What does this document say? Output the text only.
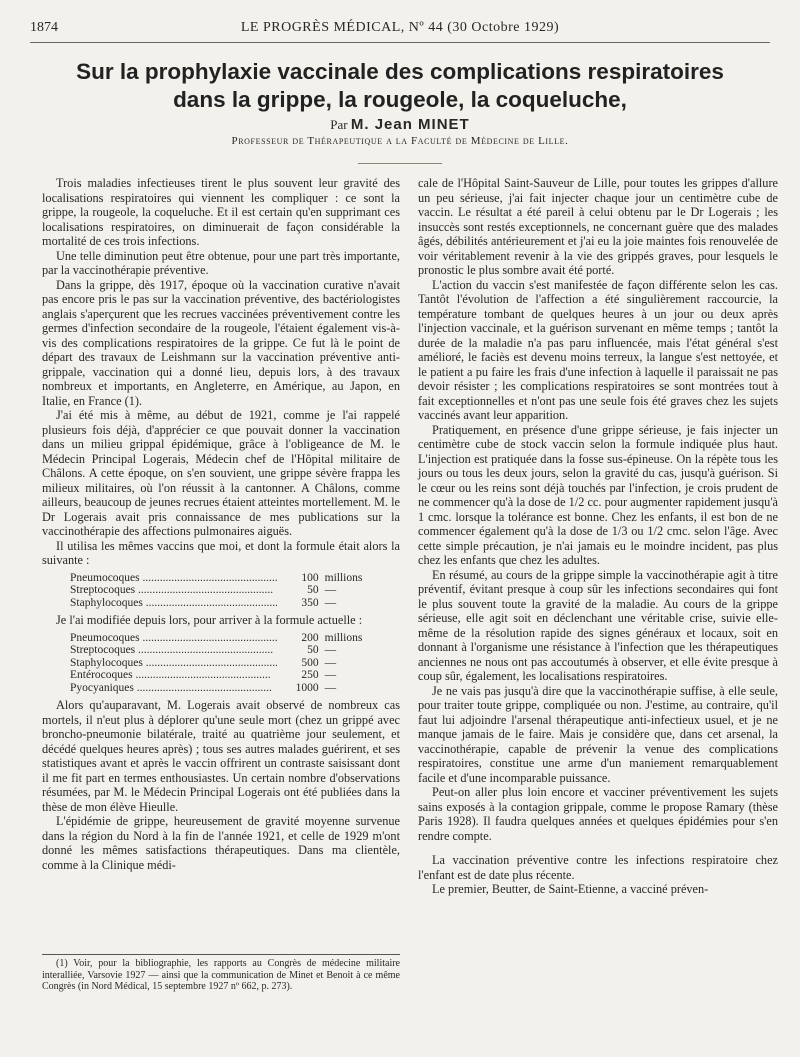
1874	LE PROGRÈS MÉDICAL, Nº 44 (30 Octobre 1929)
Sur la prophylaxie vaccinale des complications respiratoires
dans la grippe, la rougeole, la coqueluche,
Par M. Jean MINET
Professeur de Thérapeutique a la Faculté de Médecine de Lille.

Trois maladies infectieuses tirent le plus souvent leur gravité des localisations respiratoires qui viennent les compliquer : ce sont la grippe, la rougeole, la coqueluche. Et il est certain qu'en supprimant ces localisations respiratoires, on diminuerait de façon considérable la mortalité de ces trois infections.

Une telle diminution peut être obtenue, pour une part très importante, par la vaccinothérapie préventive.

Dans la grippe, dès 1917, époque où la vaccination curative n'avait pas encore pris le pas sur la vaccination préventive, des bactériologistes anglais s'aperçurent que les recrues vaccinées préventivement contre les germes d'infection secondaire de la rougeole, l'étaient également vis-à-vis des complications respiratoires de la grippe. Ce fut là le point de départ des travaux de Leishmann sur la vaccination préventive anti-grippale, vaccination qui a donné lieu, depuis lors, à des travaux nombreux et importants, en Angleterre, en Amérique, au Japon, en Italie, en France (1).

J'ai été mis à même, au début de 1921, comme je l'ai rappelé plusieurs fois déjà, d'apprécier ce que pouvait donner la vaccination dans un milieu grippal épidémique, grâce à l'obligeance de M. le Médecin Principal Logerais, Médecin chef de l'Hôpital militaire de Châlons. A cette époque, on s'en souvient, une grippe sévère frappa les milieux militaires, où l'on réussit à la cantonner. A Châlons, comme ailleurs, beaucoup de jeunes recrues étaient atteintes mortellement. M. le Dr Logerais avait pris connaissance de mes publications sur la vaccinothérapie des affections pulmonaires aiguës.

Il utilisa les mêmes vaccins que moi, et dont la formule était alors la suivante :

Pneumocoques .....	100 millions
Streptocoques .....	50 —
Staphylocoques .....	350 —

Je l'ai modifiée depuis lors, pour arriver à la formule actuelle :

Pneumocoques .....	200 millions
Streptocoques .....	50 —
Staphylocoques .....	500 —
Entérocoques .....	250 —
Pyocyaniques .....	1000 —

Alors qu'auparavant, M. Logerais avait observé de nombreux cas mortels, il n'eut plus à déplorer qu'une seule mort (chez un grippé avec broncho-pneumonie bilatérale, traité au quatrième jour seulement, et décédé quelques heures après) ; tous ses autres malades guérirent, et ses statistiques avant et après le vaccin offrirent un contraste saisissant dont il me fit part en termes enthousiastes. Un certain nombre d'observations résumées, par M. le Médecin Principal Logerais ont été publiées dans la thèse de mon élève Hieulle.

L'épidémie de grippe, heureusement de gravité moyenne survenue dans la région du Nord à la fin de l'année 1921, et celle de 1929 m'ont donné les mêmes satisfactions thérapeutiques. Dans ma clientèle, comme à la Clinique médi-

(1) Voir, pour la bibliographie, les rapports au Congrès de médecine militaire interalliée, Varsovie 1927 — ainsi que la communication de Minet et Benoit à ce même Congrès (in Nord Médical, 15 septembre 1927 nº 662, p. 273).

cale de l'Hôpital Saint-Sauveur de Lille, pour toutes les grippes d'allure un peu sérieuse, j'ai fait injecter chaque jour un centimètre cube de vaccin. Le résultat a été pareil à celui obtenu par le Dr Logerais ; les insuccès sont restés exceptionnels, ne concernant guère que des malades âgés, débilités antérieurement et j'ai eu la joie maintes fois renouvelée de voir véritablement revenir à la vie des grippés graves, pour lesquels le pronostic le plus sombre avait été porté.

L'action du vaccin s'est manifestée de façon différente selon les cas. Tantôt l'évolution de l'affection a été singulièrement raccourcie, la température tombant de quelques heures à un jour ou deux après l'injection vaccinale, et la guérison survenant en même temps ; tantôt la durée de la maladie n'a pas paru influencée, mais l'état général s'est amélioré, le faciès est devenu moins terreux, la langue s'est nettoyée, et le patient a pu faire les frais d'une infection à laquelle il paraissait ne pas devoir résister ; les complications respiratoires se sont montrées tout à fait exceptionnelles et n'ont pas une seule fois été graves chez les sujets vaccinés avant leur apparition.

Pratiquement, en présence d'une grippe sérieuse, je fais injecter un centimètre cube de stock vaccin selon la formule indiquée plus haut. L'injection est pratiquée dans la fosse sus-épineuse. On la répète tous les jours ou tous les deux jours, selon la gravité du cas, jusqu'à guérison. Si le cœur ou les reins sont déjà touchés par l'infection, je crois prudent de ne commencer qu'à la dose de 1/2 cc. pour augmenter rapidement jusqu'à 1 cmc. lorsque la tolérance est bonne. Chez les enfants, il est bon de ne commencer également qu'à la dose de 1/3 ou 1/2 cmc. selon l'âge. Avec cette simple précaution, je n'ai jamais eu le moindre incident, pas plus chez les enfants que chez les adultes.

En résumé, au cours de la grippe simple la vaccinothérapie agit à titre préventif, évitant presque à coup sûr les infections secondaires qui font le plus souvent toute la gravité de la maladie. Au cours de la grippe sérieuse, elle agit soit en déclenchant une véritable crise, suivie elle-même de la résolution rapide des signes généraux et locaux, soit en donnant à l'organisme une résistance à l'infection que les thérapeutiques anciennes ne nous ont pas accoutumés à observer, et elle évite presque à coup sûr, également, les localisations respiratoires.

Je ne vais pas jusqu'à dire que la vaccinothérapie suffise, à elle seule, pour traiter toute grippe, compliquée ou non. J'estime, au contraire, qu'il faut lui adjoindre l'arsenal thérapeutique anti-infectieux usuel, et je ne manque jamais de le faire. Mais je considère que, dans cet arsenal, la vaccinothérapie, capable de prévenir la venue des complications respiratoires, constitue une arme d'un maniement remarquablement facile et d'une incomparable puissance.

Peut-on aller plus loin encore et vacciner préventivement les sujets sains exposés à la contagion grippale, comme le propose Ramary (thèse Paris 1928). Il faudra quelques années et quelques épidémies pour s'en rendre compte.

La vaccination préventive contre les infections respiratoire chez l'enfant est de date plus récente.

Le premier, Beutter, de Saint-Etienne, a vacciné préven-
